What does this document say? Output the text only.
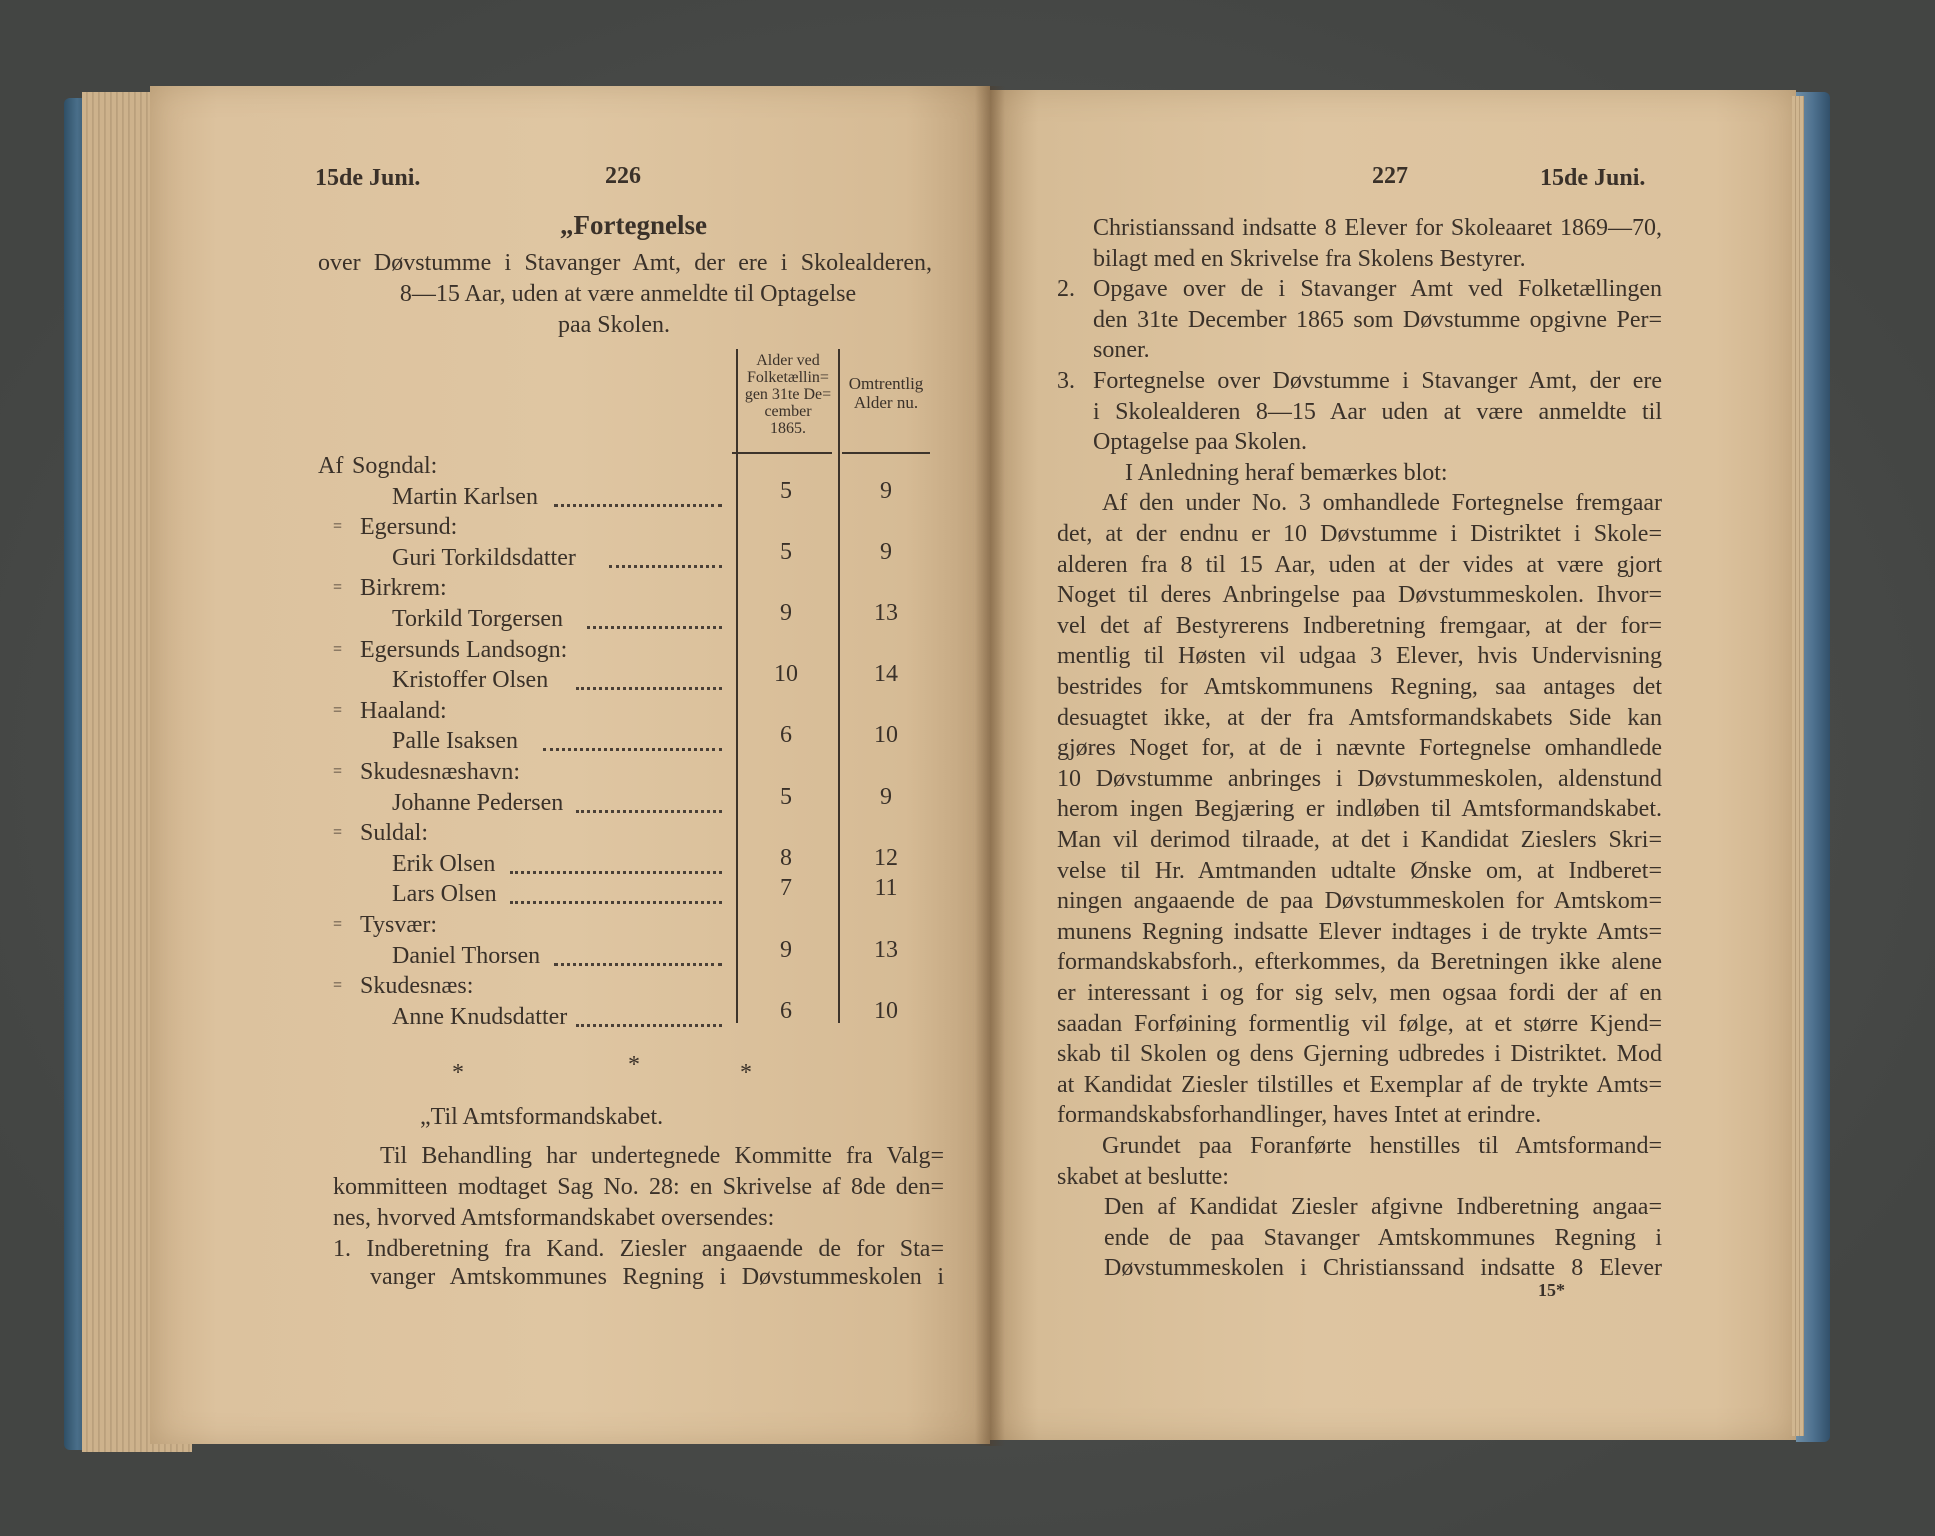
15de Juni.	226
„Fortegnelse
over Døvstumme i Stavanger Amt, der ere i Skolealderen,
8—15 Aar, uden at være anmeldte til Optagelse
paa Skolen.
Alder ved
Folketællin=
gen 31te De=
cember
1865.
Omtrentlig
Alder nu.
Af Sogndal:
Martin Karlsen	5	9
= Egersund:
Guri Torkildsdatter	5	9
= Birkrem:
Torkild Torgersen	9	13
= Egersunds Landsogn:
Kristoffer Olsen	10	14
= Haaland:
Palle Isaksen	6	10
= Skudesnæshavn:
Johanne Pedersen	5	9
= Suldal:
Erik Olsen	8	12
Lars Olsen	7	11
= Tysvær:
Daniel Thorsen	9	13
= Skudesnæs:
Anne Knudsdatter	6	10
*	*	*
„Til Amtsformandskabet.
Til Behandling har undertegnede Kommitte fra Valg=
kommitteen modtaget Sag No. 28: en Skrivelse af 8de den=
nes, hvorved Amtsformandskabet oversendes:
1. Indberetning fra Kand. Ziesler angaaende de for Sta=
vanger Amtskommunes Regning i Døvstummeskolen i
227	15de Juni.
Christianssand indsatte 8 Elever for Skoleaaret 1869—70,
bilagt med en Skrivelse fra Skolens Bestyrer.
2. Opgave over de i Stavanger Amt ved Folketællingen
den 31te December 1865 som Døvstumme opgivne Per=
soner.
3. Fortegnelse over Døvstumme i Stavanger Amt, der ere
i Skolealderen 8—15 Aar uden at være anmeldte til
Optagelse paa Skolen.
I Anledning heraf bemærkes blot:
Af den under No. 3 omhandlede Fortegnelse fremgaar
det, at der endnu er 10 Døvstumme i Distriktet i Skole=
alderen fra 8 til 15 Aar, uden at der vides at være gjort
Noget til deres Anbringelse paa Døvstummeskolen. Ihvor=
vel det af Bestyrerens Indberetning fremgaar, at der for=
mentlig til Høsten vil udgaa 3 Elever, hvis Undervisning
bestrides for Amtskommunens Regning, saa antages det
desuagtet ikke, at der fra Amtsformandskabets Side kan
gjøres Noget for, at de i nævnte Fortegnelse omhandlede
10 Døvstumme anbringes i Døvstummeskolen, aldenstund
herom ingen Begjæring er indløben til Amtsformandskabet.
Man vil derimod tilraade, at det i Kandidat Zieslers Skri=
velse til Hr. Amtmanden udtalte Ønske om, at Indberet=
ningen angaaende de paa Døvstummeskolen for Amtskom=
munens Regning indsatte Elever indtages i de trykte Amts=
formandskabsforh., efterkommes, da Beretningen ikke alene
er interessant i og for sig selv, men ogsaa fordi der af en
saadan Forføining formentlig vil følge, at et større Kjend=
skab til Skolen og dens Gjerning udbredes i Distriktet. Mod
at Kandidat Ziesler tilstilles et Exemplar af de trykte Amts=
formandskabsforhandlinger, haves Intet at erindre.
Grundet paa Foranførte henstilles til Amtsformand=
skabet at beslutte:
Den af Kandidat Ziesler afgivne Indberetning angaa=
ende de paa Stavanger Amtskommunes Regning i
Døvstummeskolen i Christianssand indsatte 8 Elever
15*
